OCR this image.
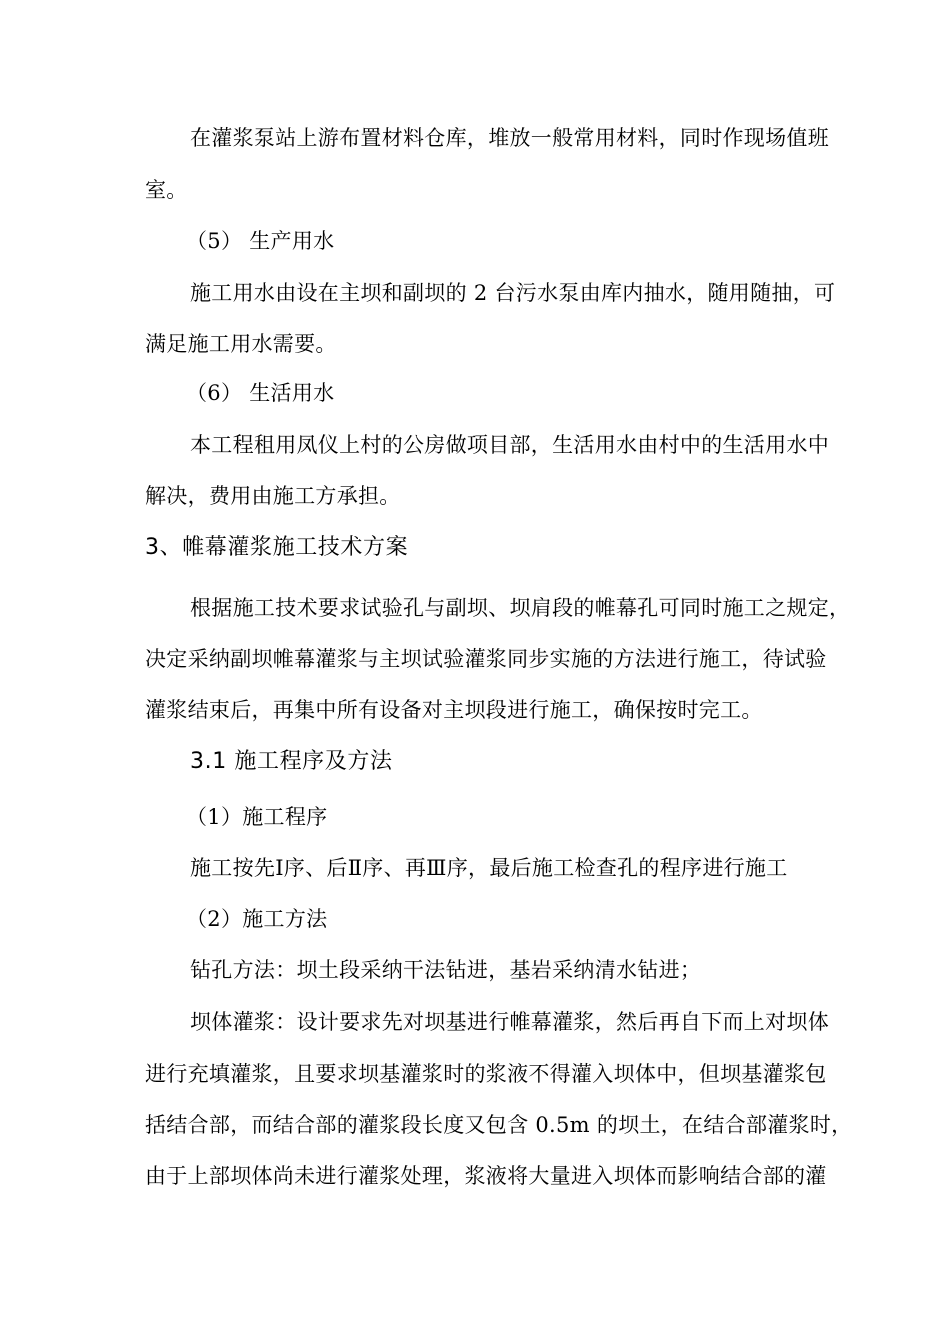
在灌浆泵站上游布置材料仓库，堆放一般常用材料，同时作现场值班
室。
（5） 生产用水
施工用水由设在主坝和副坝的 2 台污水泵由库内抽水，随用随抽，可
满足施工用水需要。
（6） 生活用水
本工程租用凤仪上村的公房做项目部，生活用水由村中的生活用水中
解决，费用由施工方承担。
3、帷幕灌浆施工技术方案
根据施工技术要求试验孔与副坝、坝肩段的帷幕孔可同时施工之规定，
决定采纳副坝帷幕灌浆与主坝试验灌浆同步实施的方法进行施工，待试验
灌浆结束后，再集中所有设备对主坝段进行施工，确保按时完工。
3.1 施工程序及方法
（1）施工程序
施工按先Ⅰ序、后Ⅱ序、再Ⅲ序，最后施工检查孔的程序进行施工
（2）施工方法
钻孔方法：坝土段采纳干法钻进，基岩采纳清水钻进；
坝体灌浆：设计要求先对坝基进行帷幕灌浆，然后再自下而上对坝体
进行充填灌浆，且要求坝基灌浆时的浆液不得灌入坝体中，但坝基灌浆包
括结合部，而结合部的灌浆段长度又包含 0.5m 的坝土，在结合部灌浆时，
由于上部坝体尚未进行灌浆处理，浆液将大量进入坝体而影响结合部的灌
